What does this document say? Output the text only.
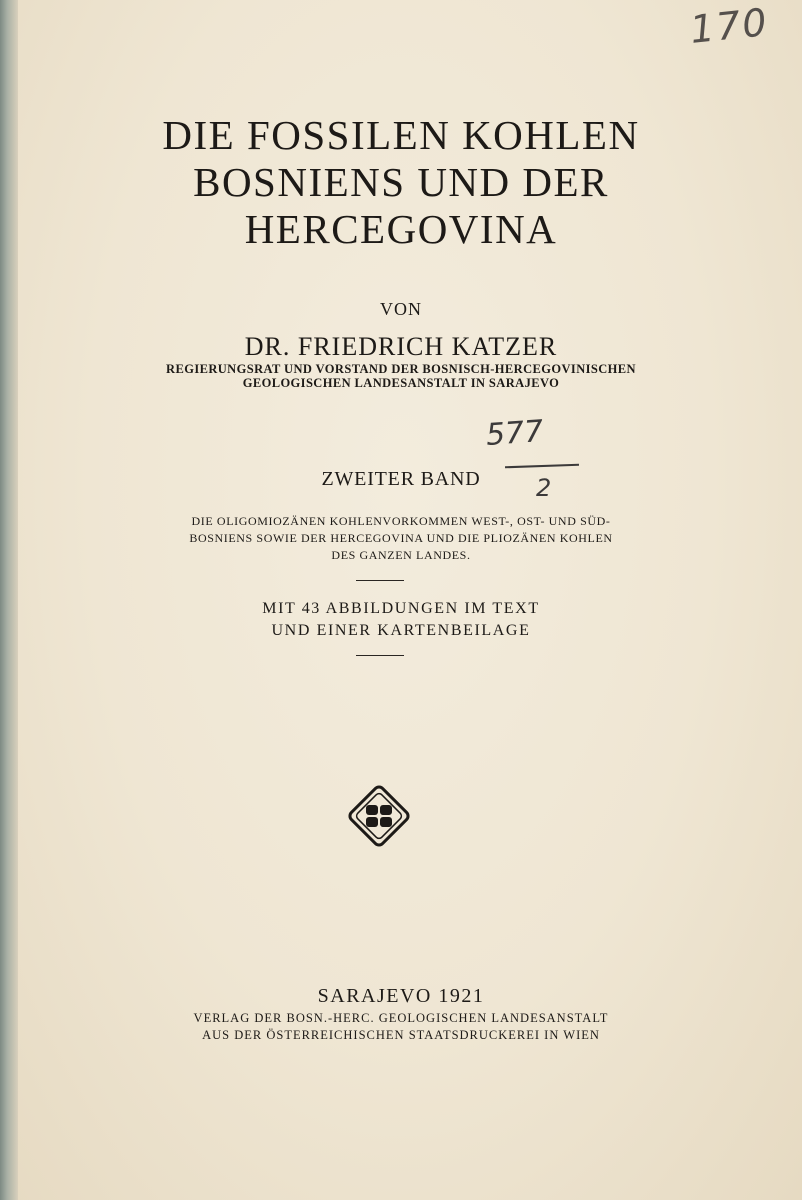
170
DIE FOSSILEN KOHLEN
BOSNIENS UND DER
HERCEGOVINA
VON
DR. FRIEDRICH KATZER
REGIERUNGSRAT UND VORSTAND DER BOSNISCH-HERCEGOVINISCHEN
GEOLOGISCHEN LANDESANSTALT IN SARAJEVO
577
2
ZWEITER BAND
DIE OLIGOMIOZÄNEN KOHLENVORKOMMEN WEST-, OST- UND SÜD-
BOSNIENS SOWIE DER HERCEGOVINA UND DIE PLIOZÄNEN KOHLEN
DES GANZEN LANDES.
MIT 43 ABBILDUNGEN IM TEXT
UND EINER KARTENBEILAGE
SARAJEVO 1921
VERLAG DER BOSN.-HERC. GEOLOGISCHEN LANDESANSTALT
AUS DER ÖSTERREICHISCHEN STAATSDRUCKEREI IN WIEN
